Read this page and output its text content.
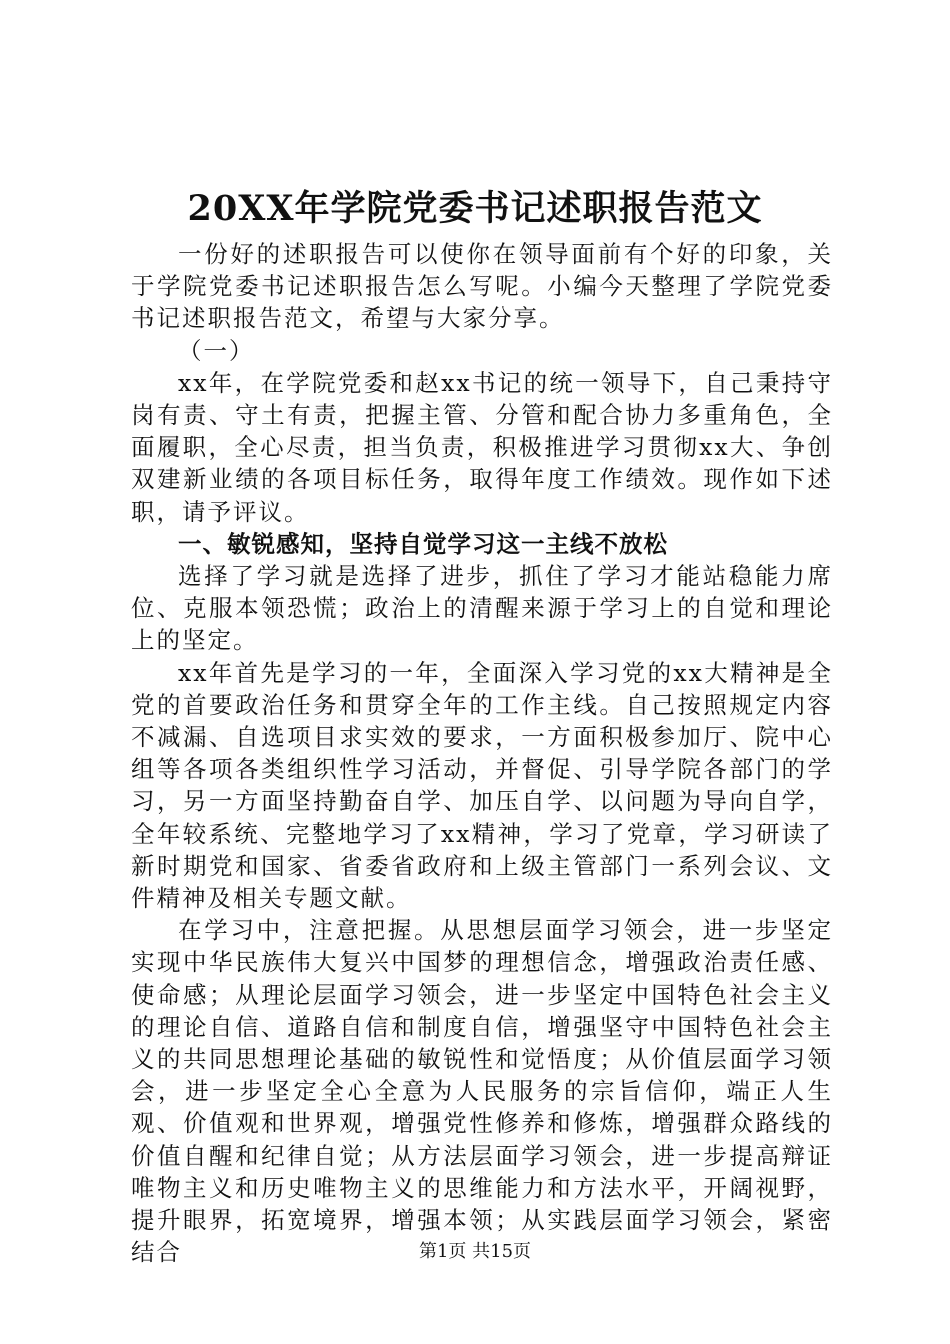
20XX年学院党委书记述职报告范文

一份好的述职报告可以使你在领导面前有个好的印象，关于学院党委书记述职报告怎么写呢。小编今天整理了学院党委书记述职报告范文，希望与大家分享。

（一）

xx年，在学院党委和赵xx书记的统一领导下，自己秉持守岗有责、守土有责，把握主管、分管和配合协力多重角色，全面履职，全心尽责，担当负责，积极推进学习贯彻xx大、争创双建新业绩的各项目标任务，取得年度工作绩效。现作如下述职，请予评议。

一、敏锐感知，坚持自觉学习这一主线不放松

选择了学习就是选择了进步，抓住了学习才能站稳能力席位、克服本领恐慌；政治上的清醒来源于学习上的自觉和理论上的坚定。

xx年首先是学习的一年，全面深入学习党的xx大精神是全党的首要政治任务和贯穿全年的工作主线。自己按照规定内容不减漏、自选项目求实效的要求，一方面积极参加厅、院中心组等各项各类组织性学习活动，并督促、引导学院各部门的学习，另一方面坚持勤奋自学、加压自学、以问题为导向自学，全年较系统、完整地学习了xx精神，学习了党章，学习研读了新时期党和国家、省委省政府和上级主管部门一系列会议、文件精神及相关专题文献。

在学习中，注意把握。从思想层面学习领会，进一步坚定实现中华民族伟大复兴中国梦的理想信念，增强政治责任感、使命感；从理论层面学习领会，进一步坚定中国特色社会主义的理论自信、道路自信和制度自信，增强坚守中国特色社会主义的共同思想理论基础的敏锐性和觉悟度；从价值层面学习领会，进一步坚定全心全意为人民服务的宗旨信仰，端正人生观、价值观和世界观，增强党性修养和修炼，增强群众路线的价值自醒和纪律自觉；从方法层面学习领会，进一步提高辩证唯物主义和历史唯物主义的思维能力和方法水平，开阔视野，提升眼界，拓宽境界，增强本领；从实践层面学习领会，紧密结合	第1页 共15页
